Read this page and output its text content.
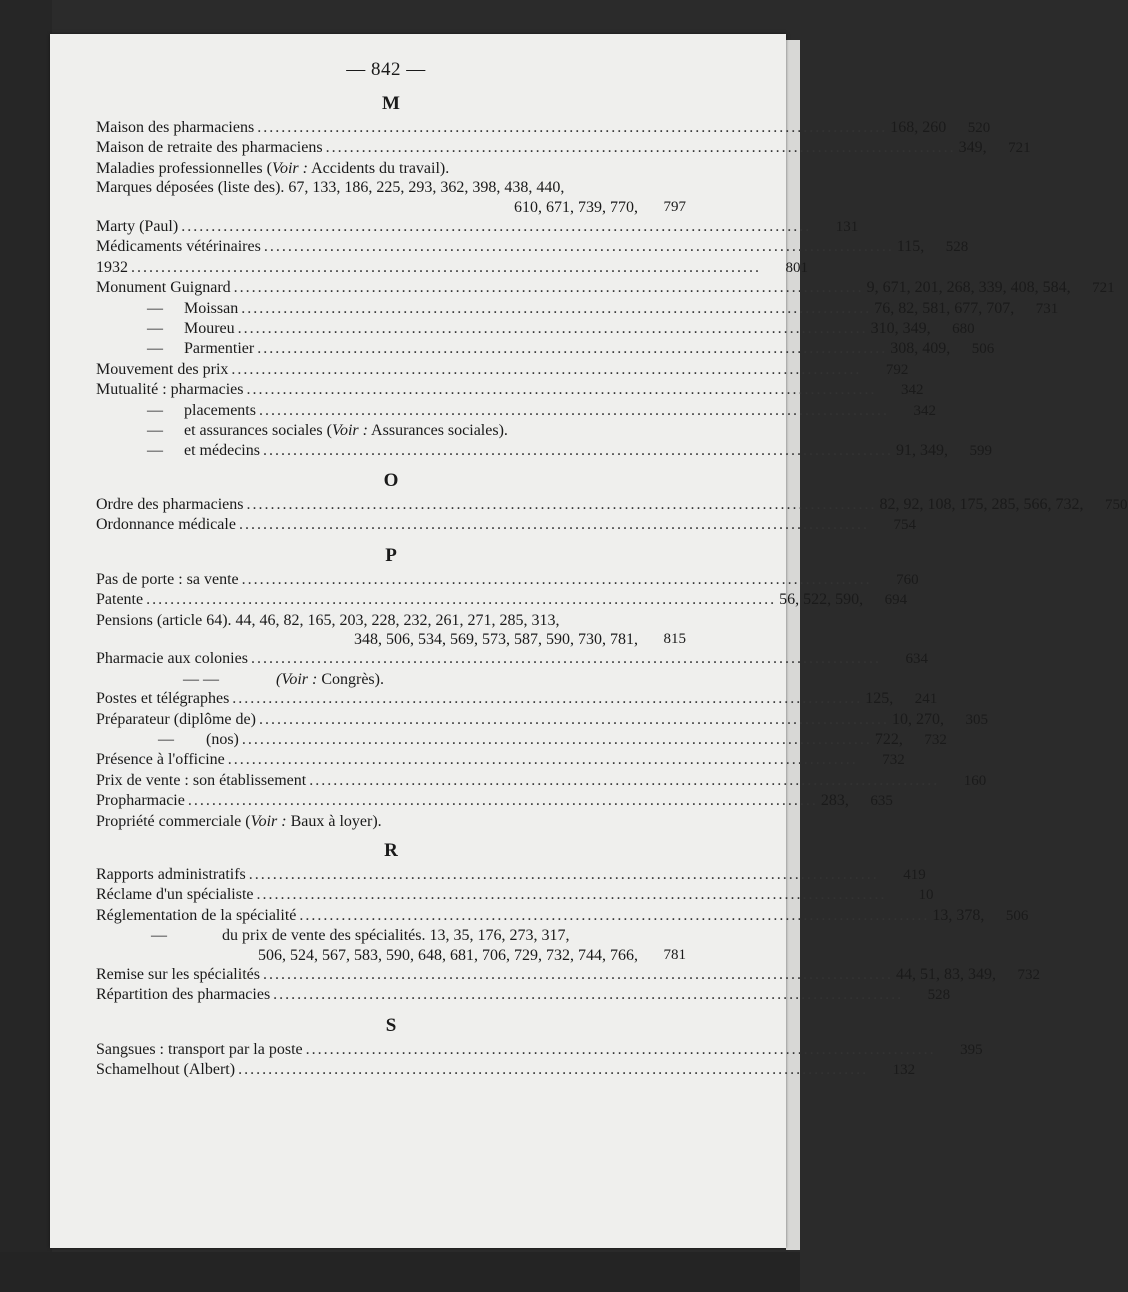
— 842 —
M
Maison des pharmaciens ......................................................................................................... 168, 260	520
Maison de retraite des pharmaciens ......................................................................................................... 349,	721
Maladies professionnelles (Voir : Accidents du travail).
Marques déposées (liste des). 67, 133, 186, 225, 293, 362, 398, 438, 440,
610, 671, 739, 770,	797
Marty (Paul) .........................................................................................................	131
Médicaments vétérinaires ......................................................................................................... 115,	528
1932 .........................................................................................................	801
Monument Guignard ......................................................................................................... 9, 671, 201, 268, 339, 408, 584,	721
— Moissan ......................................................................................................... 76, 82, 581, 677, 707,	731
— Moureu ......................................................................................................... 310, 349,	680
— Parmentier ......................................................................................................... 308, 409,	506
Mouvement des prix .........................................................................................................	792
Mutualité : pharmacies .........................................................................................................	342
— placements .........................................................................................................	342
— et assurances sociales (Voir : Assurances sociales).
— et médecins ......................................................................................................... 91, 349,	599
O
Ordre des pharmaciens ......................................................................................................... 82, 92, 108, 175, 285, 566, 732,	750
Ordonnance médicale .........................................................................................................	754
P
Pas de porte : sa vente .........................................................................................................	760
Patente ......................................................................................................... 56, 522, 590,	694
Pensions (article 64). 44, 46, 82, 165, 203, 228, 232, 261, 271, 285, 313,
348, 506, 534, 569, 573, 587, 590, 730, 781,	815
Pharmacie aux colonies .........................................................................................................	634
— —	(Voir : Congrès).
Postes et télégraphes ......................................................................................................... 125,	241
Préparateur (diplôme de) ......................................................................................................... 10, 270,	305
— (nos) ......................................................................................................... 722,	732
Présence à l'officine .........................................................................................................	732
Prix de vente : son établissement .........................................................................................................	160
Propharmacie ......................................................................................................... 283,	635
Propriété commerciale (Voir : Baux à loyer).
R
Rapports administratifs .........................................................................................................	419
Réclame d'un spécialiste .........................................................................................................	10
Réglementation de la spécialité ......................................................................................................... 13, 378,	506
—	du prix de vente des spécialités. 13, 35, 176, 273, 317,
506, 524, 567, 583, 590, 648, 681, 706, 729, 732, 744, 766,	781
Remise sur les spécialités ......................................................................................................... 44, 51, 83, 349,	732
Répartition des pharmacies .........................................................................................................	528
S
Sangsues : transport par la poste .........................................................................................................	395
Schamelhout (Albert) .........................................................................................................	132
